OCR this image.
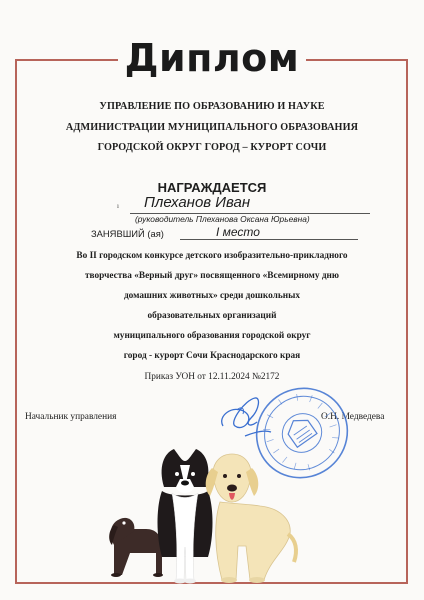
Диплом
УПРАВЛЕНИЕ ПО ОБРАЗОВАНИЮ И НАУКЕ
АДМИНИСТРАЦИИ МУНИЦИПАЛЬНОГО ОБРАЗОВАНИЯ
ГОРОДСКОЙ ОКРУГ ГОРОД – КУРОРТ СОЧИ
НАГРАЖДАЕТСЯ
ı	Плеханов Иван
(руководитель Плеханова Оксана Юрьевна)
ЗАНЯВШИЙ (ая)	I место
Во II городском конкурсе детского изобразительно-прикладного
творчества «Верный друг» посвященного «Всемирному дню
домашних животных» среди дошкольных
образовательных организаций
муниципального образования городской округ
город - курорт Сочи Краснодарского края
Приказ УОН от 12.11.2024 №2172
Начальник управления	О.Н. Медведева
